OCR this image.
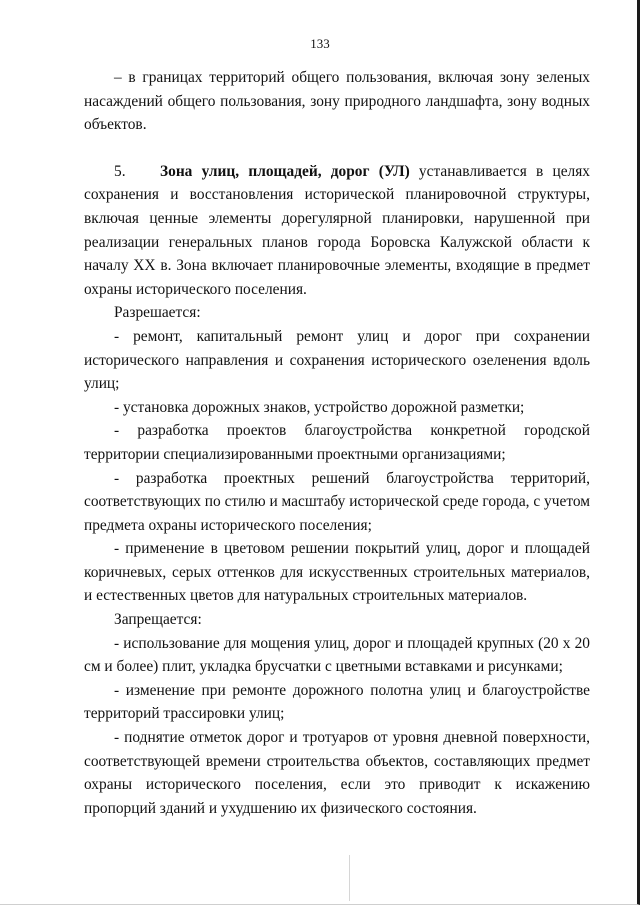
133

– в границах территорий общего пользования, включая зону зеленых насаждений общего пользования, зону природного ландшафта, зону водных объектов.

5. Зона улиц, площадей, дорог (УЛ) устанавливается в целях сохранения и восстановления исторической планировочной структуры, включая ценные элементы дорегулярной планировки, нарушенной при реализации генеральных планов города Боровска Калужской области к началу XX в. Зона включает планировочные элементы, входящие в предмет охраны исторического поселения.

Разрешается:

- ремонт, капитальный ремонт улиц и дорог при сохранении исторического направления и сохранения исторического озеленения вдоль улиц;

- установка дорожных знаков, устройство дорожной разметки;

- разработка проектов благоустройства конкретной городской территории специализированными проектными организациями;

- разработка проектных решений благоустройства территорий, соответствующих по стилю и масштабу исторической среде города, с учетом предмета охраны исторического поселения;

- применение в цветовом решении покрытий улиц, дорог и площадей коричневых, серых оттенков для искусственных строительных материалов, и естественных цветов для натуральных строительных материалов.

Запрещается:

- использование для мощения улиц, дорог и площадей крупных (20 х 20 см и более) плит, укладка брусчатки с цветными вставками и рисунками;

- изменение при ремонте дорожного полотна улиц и благоустройстве территорий трассировки улиц;

- поднятие отметок дорог и тротуаров от уровня дневной поверхности, соответствующей времени строительства объектов, составляющих предмет охраны исторического поселения, если это приводит к искажению пропорций зданий и ухудшению их физического состояния.
